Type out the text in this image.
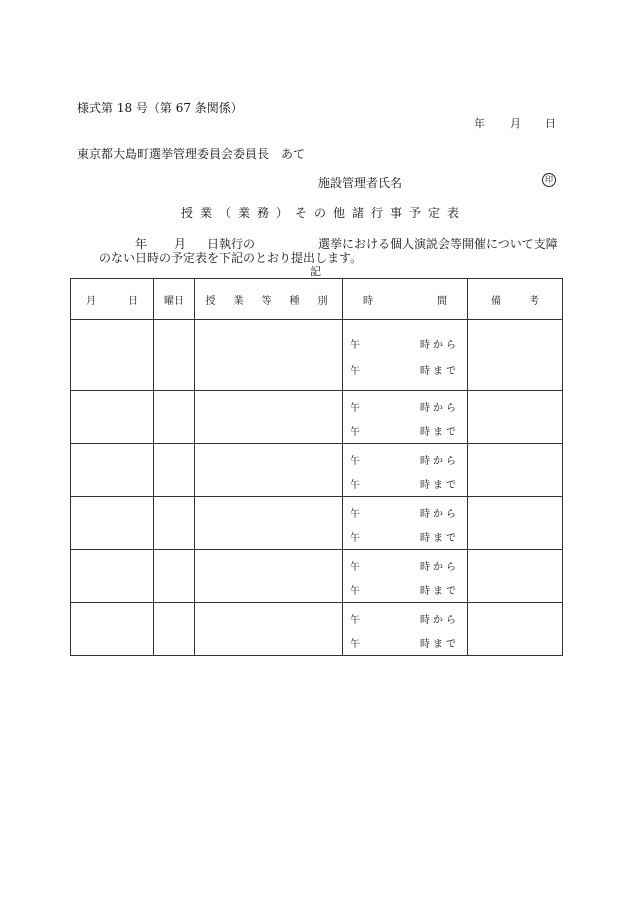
様式第 18 号（第 67 条関係）
年 月 日
東京都大島町選挙管理委員会委員長　あて
施設管理者氏名	印
授業（業務）その他諸行事予定表
年 月 日執行の	選挙における個人演説会等開催について支障
のない日時の予定表を下記のとおり提出します。
記
月 日	曜日	授　業　等　種　別	時 間	備 考

			午 時から
午 時まで	

			午 時から
午 時まで	

			午 時から
午 時まで	

			午 時から
午 時まで	

			午 時から
午 時まで	

			午 時から
午 時まで	
